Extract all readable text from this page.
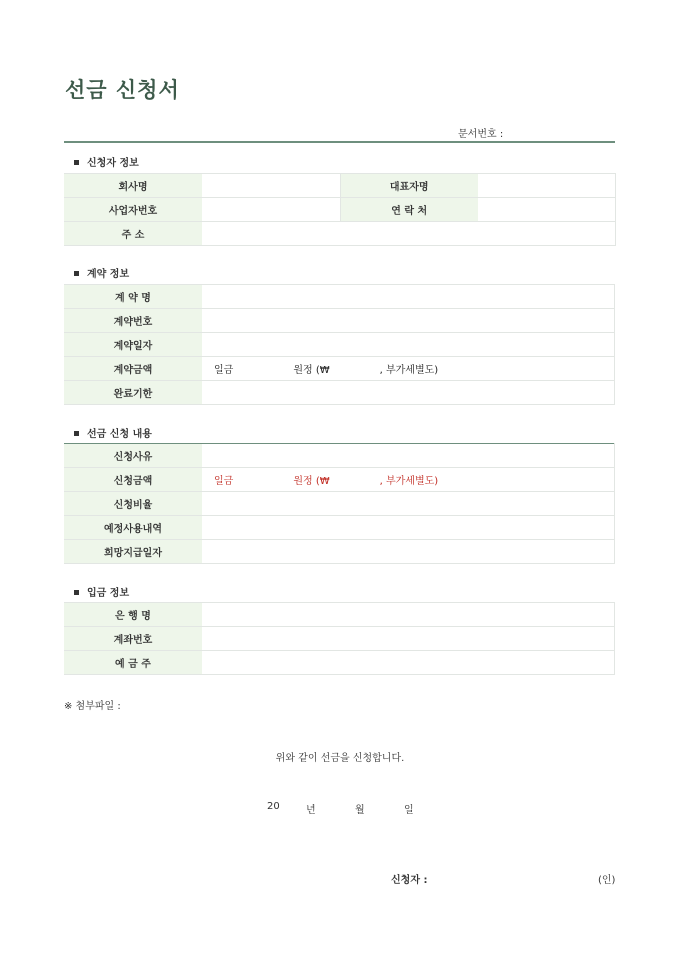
선금 신청서
문서번호 :
신청자 정보
회사명		대표자명	
사업자번호		연 락 처	
주 소			
계약 정보
계 약 명	
계약번호	
계약일자	
계약금액	일금 원정 (₩ , 부가세별도)
완료기한	
선금 신청 내용
신청사유	
신청금액	일금 원정 (₩ , 부가세별도)
신청비율	
예정사용내역	
희망지급일자	
입금 정보
은 행 명	
계좌번호	
예 금 주	
※ 첨부파일 :
위와 같이 선금을 신청합니다.
20	년	월	일
신청자 :	(인)
